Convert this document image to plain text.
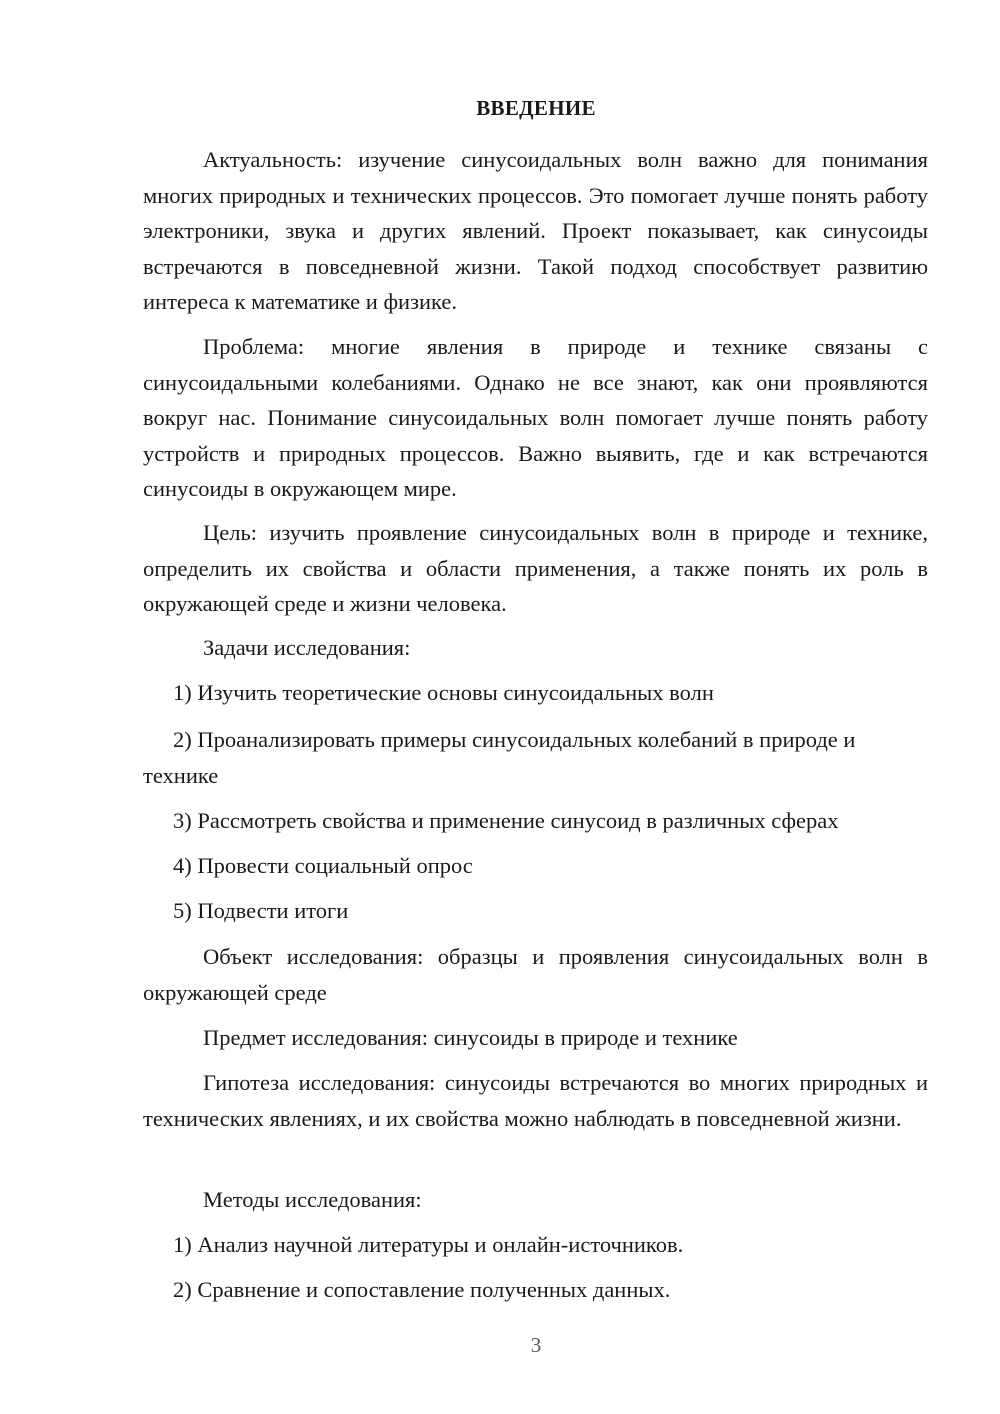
ВВЕДЕНИЕ

Актуальность: изучение синусоидальных волн важно для понимания многих природных и технических процессов. Это помогает лучше понять работу электроники, звука и других явлений. Проект показывает, как синусоиды встречаются в повседневной жизни. Такой подход способствует развитию интереса к математике и физике.

Проблема: многие явления в природе и технике связаны с синусоидальными колебаниями. Однако не все знают, как они проявляются вокруг нас. Понимание синусоидальных волн помогает лучше понять работу устройств и природных процессов. Важно выявить, где и как встречаются синусоиды в окружающем мире.

Цель: изучить проявление синусоидальных волн в природе и технике, определить их свойства и области применения, а также понять их роль в окружающей среде и жизни человека.

Задачи исследования:

1) Изучить теоретические основы синусоидальных волн

2) Проанализировать примеры синусоидальных колебаний в природе и технике

3) Рассмотреть свойства и применение синусоид в различных сферах

4) Провести социальный опрос

5) Подвести итоги

Объект исследования: образцы и проявления синусоидальных волн в окружающей среде

Предмет исследования: синусоиды в природе и технике

Гипотеза исследования: синусоиды встречаются во многих природных и технических явлениях, и их свойства можно наблюдать в повседневной жизни.

Методы исследования:

1) Анализ научной литературы и онлайн-источников.

2) Сравнение и сопоставление полученных данных.

3
